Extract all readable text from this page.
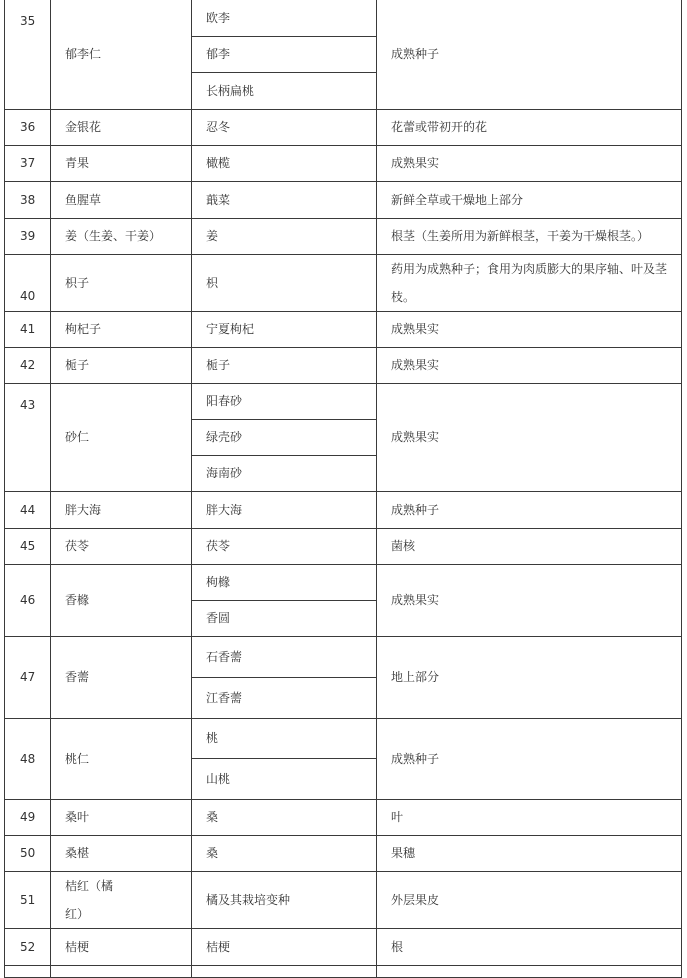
35	郁李仁	欧李	成熟种子
		郁李	
		长柄扁桃	
36	金银花	忍冬	花蕾或带初开的花
37	青果	橄榄	成熟果实
38	鱼腥草	蕺菜	新鲜全草或干燥地上部分
39	姜（生姜、干姜）	姜	根茎（生姜所用为新鲜根茎，干姜为干燥根茎。）
40	枳子	枳	药用为成熟种子；食用为肉质膨大的果序轴、叶及茎枝。
41	枸杞子	宁夏枸杞	成熟果实
42	栀子	栀子	成熟果实
43	砂仁	阳春砂	成熟果实
		绿壳砂	
		海南砂	
44	胖大海	胖大海	成熟种子
45	茯苓	茯苓	菌核
46	香橼	枸橼	成熟果实
		香圆	
47	香薷	石香薷	地上部分
		江香薷	
48	桃仁	桃	成熟种子
		山桃	
49	桑叶	桑	叶
50	桑椹	桑	果穗
51	桔红（橘红）	橘及其栽培变种	外层果皮
52	桔梗	桔梗	根
